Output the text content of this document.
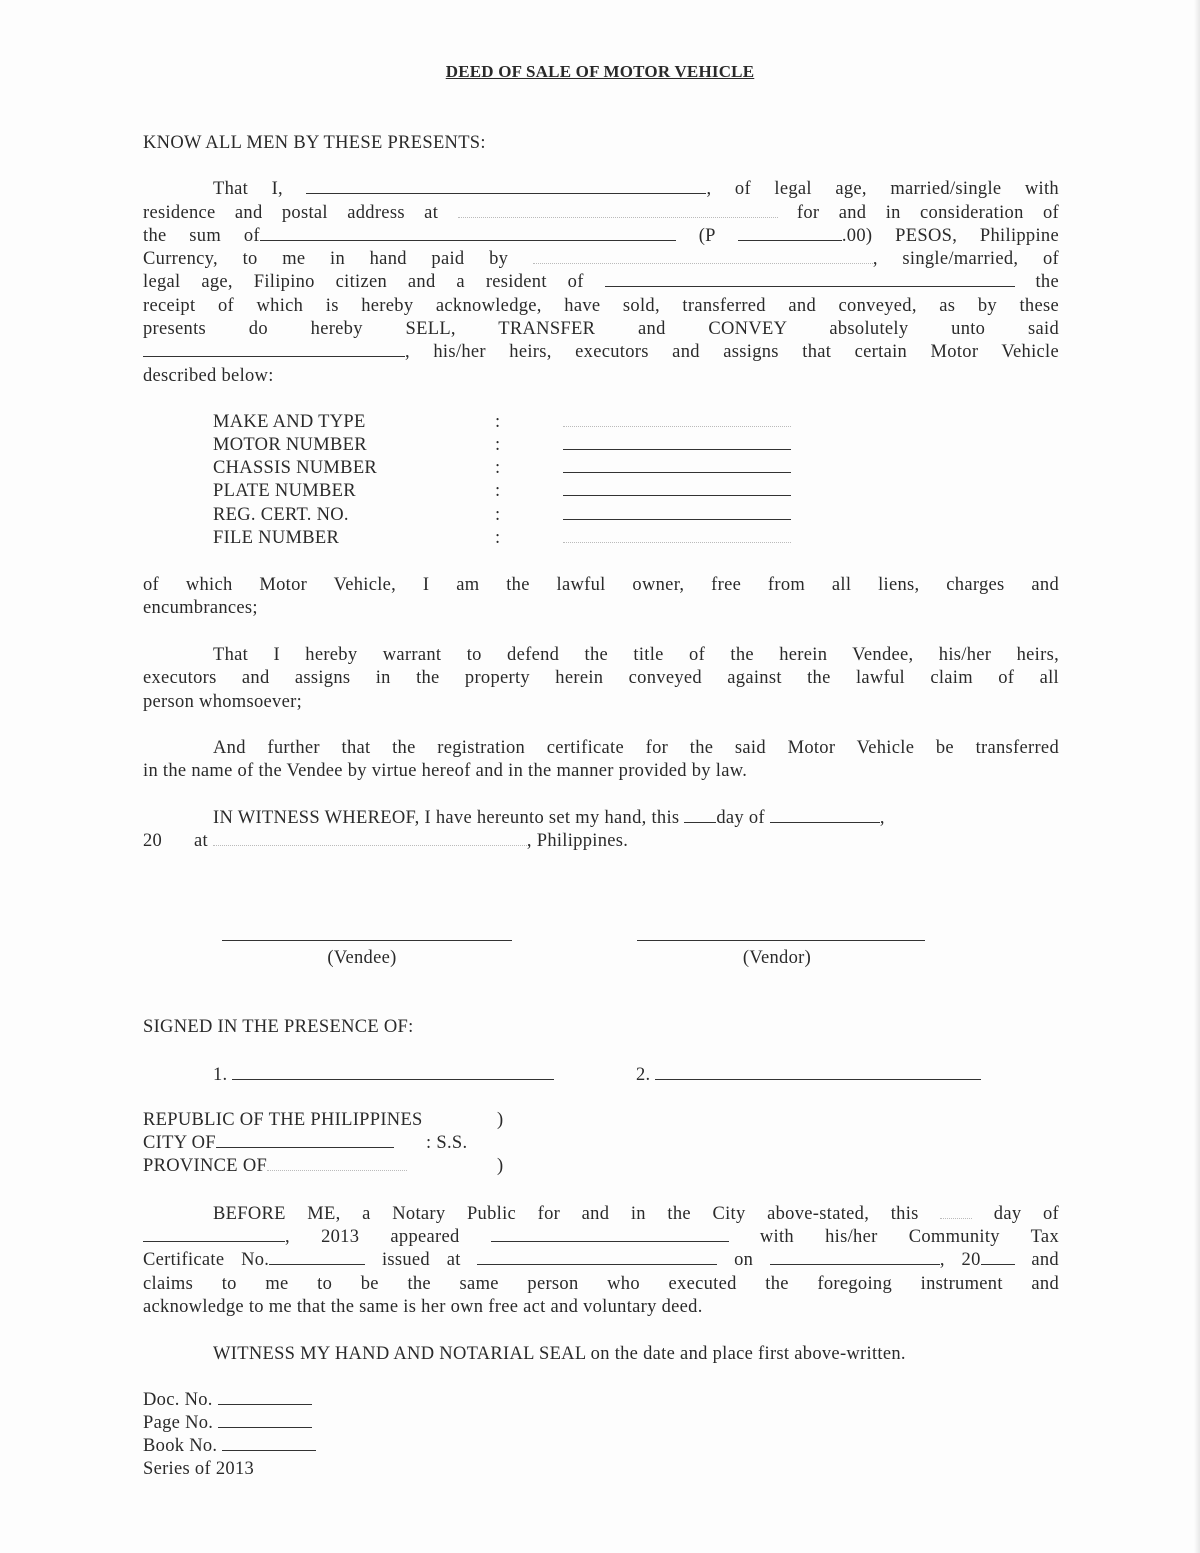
DEED OF SALE OF MOTOR VEHICLE
KNOW ALL MEN BY THESE PRESENTS:
That I,	, of legal age, married/single with
residence and postal address at	for and in consideration of
the sum of	(P	.00) PESOS, Philippine
Currency, to me in hand paid by	, single/married, of
legal age, Filipino citizen and a resident of	the
receipt of which is hereby acknowledge, have sold, transferred and conveyed, as by these
presents do hereby SELL, TRANSFER and CONVEY absolutely unto said
, his/her heirs, executors and assigns that certain Motor Vehicle
described below:
MAKE AND TYPE	:
MOTOR NUMBER	:
CHASSIS NUMBER	:
PLATE NUMBER	:
REG. CERT. NO.	:
FILE NUMBER	:
of which Motor Vehicle, I am the lawful owner, free from all liens, charges and
encumbrances;
That I hereby warrant to defend the title of the herein Vendee, his/her heirs,
executors and assigns in the property herein conveyed against the lawful claim of all
person whomsoever;
And further that the registration certificate for the said Motor Vehicle be transferred
in the name of the Vendee by virtue hereof and in the manner provided by law.
IN WITNESS WHEREOF, I have hereunto set my hand, this day of	,
20 at	, Philippines.
(Vendee)	(Vendor)
SIGNED IN THE PRESENCE OF:
1.	2.
REPUBLIC OF THE PHILIPPINES	)
CITY OF	: S.S.
PROVINCE OF	)
BEFORE ME, a Notary Public for and in the City above-stated, this	day of
, 2013 appeared	with his/her Community Tax
Certificate No.	issued at	on	, 20	and
claims to me to be the same person who executed the foregoing instrument and
acknowledge to me that the same is her own free act and voluntary deed.
WITNESS MY HAND AND NOTARIAL SEAL on the date and place first above-written.
Doc. No.
Page No.
Book No.
Series of 2013
